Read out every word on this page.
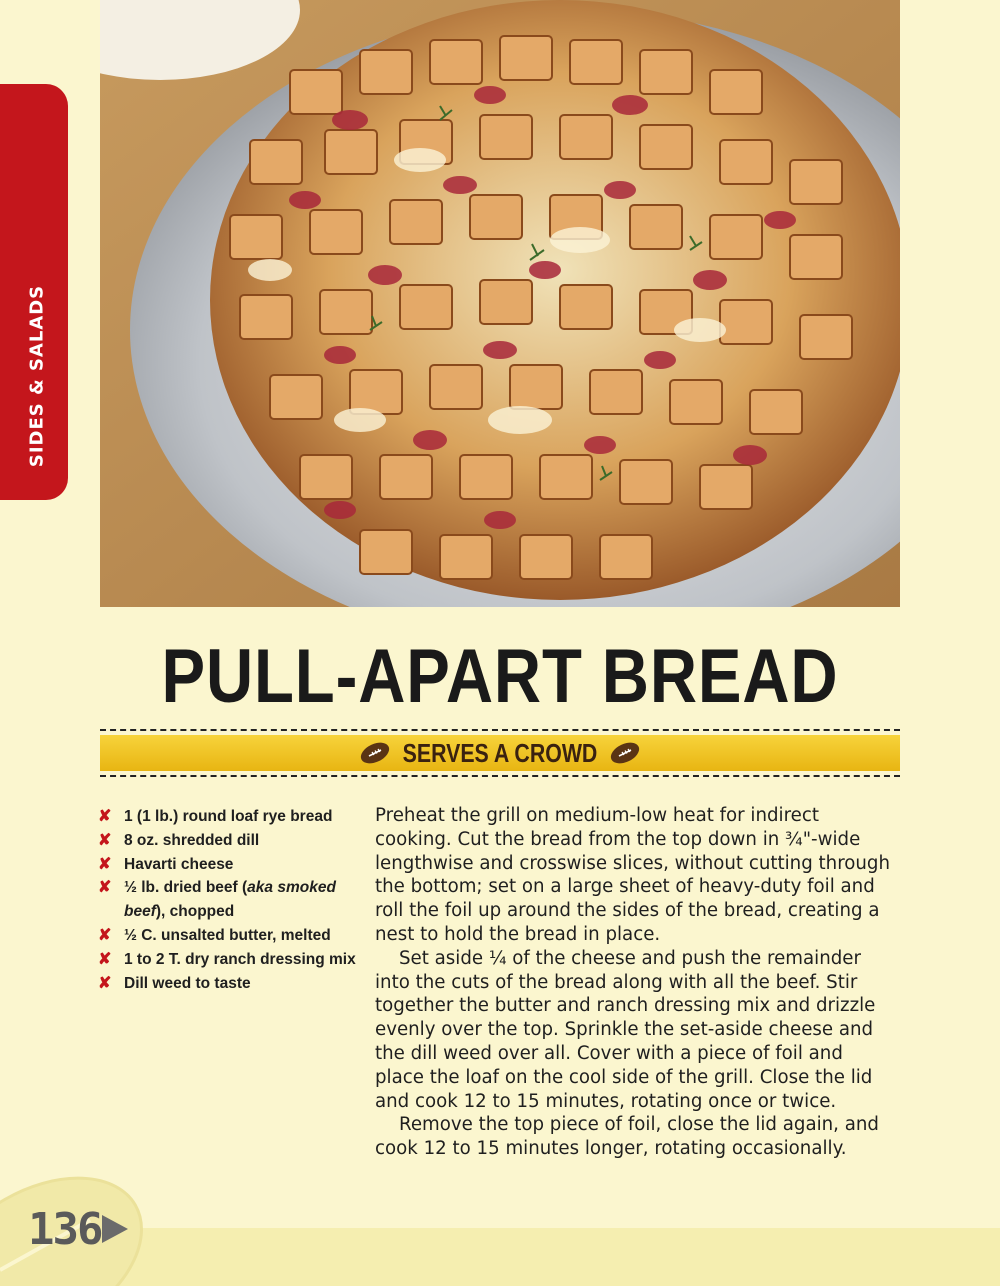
SIDES & SALADS
PULL-APART BREAD
SERVES A CROWD
✘ 1 (1 lb.) round loaf rye bread
✘ 8 oz. shredded dill
✘ Havarti cheese
✘ ½ lb. dried beef (aka smoked beef), chopped
✘ ½ C. unsalted butter, melted
✘ 1 to 2 T. dry ranch dressing mix
✘ Dill weed to taste

Preheat the grill on medium-low heat for indirect cooking. Cut the bread from the top down in ¾"-wide lengthwise and crosswise slices, without cutting through the bottom; set on a large sheet of heavy-duty foil and roll the foil up around the sides of the bread, creating a nest to hold the bread in place.

Set aside ¼ of the cheese and push the remainder into the cuts of the bread along with all the beef. Stir together the butter and ranch dressing mix and drizzle evenly over the top. Sprinkle the set-aside cheese and the dill weed over all. Cover with a piece of foil and place the loaf on the cool side of the grill. Close the lid and cook 12 to 15 minutes, rotating once or twice.

Remove the top piece of foil, close the lid again, and cook 12 to 15 minutes longer, rotating occasionally.

136
